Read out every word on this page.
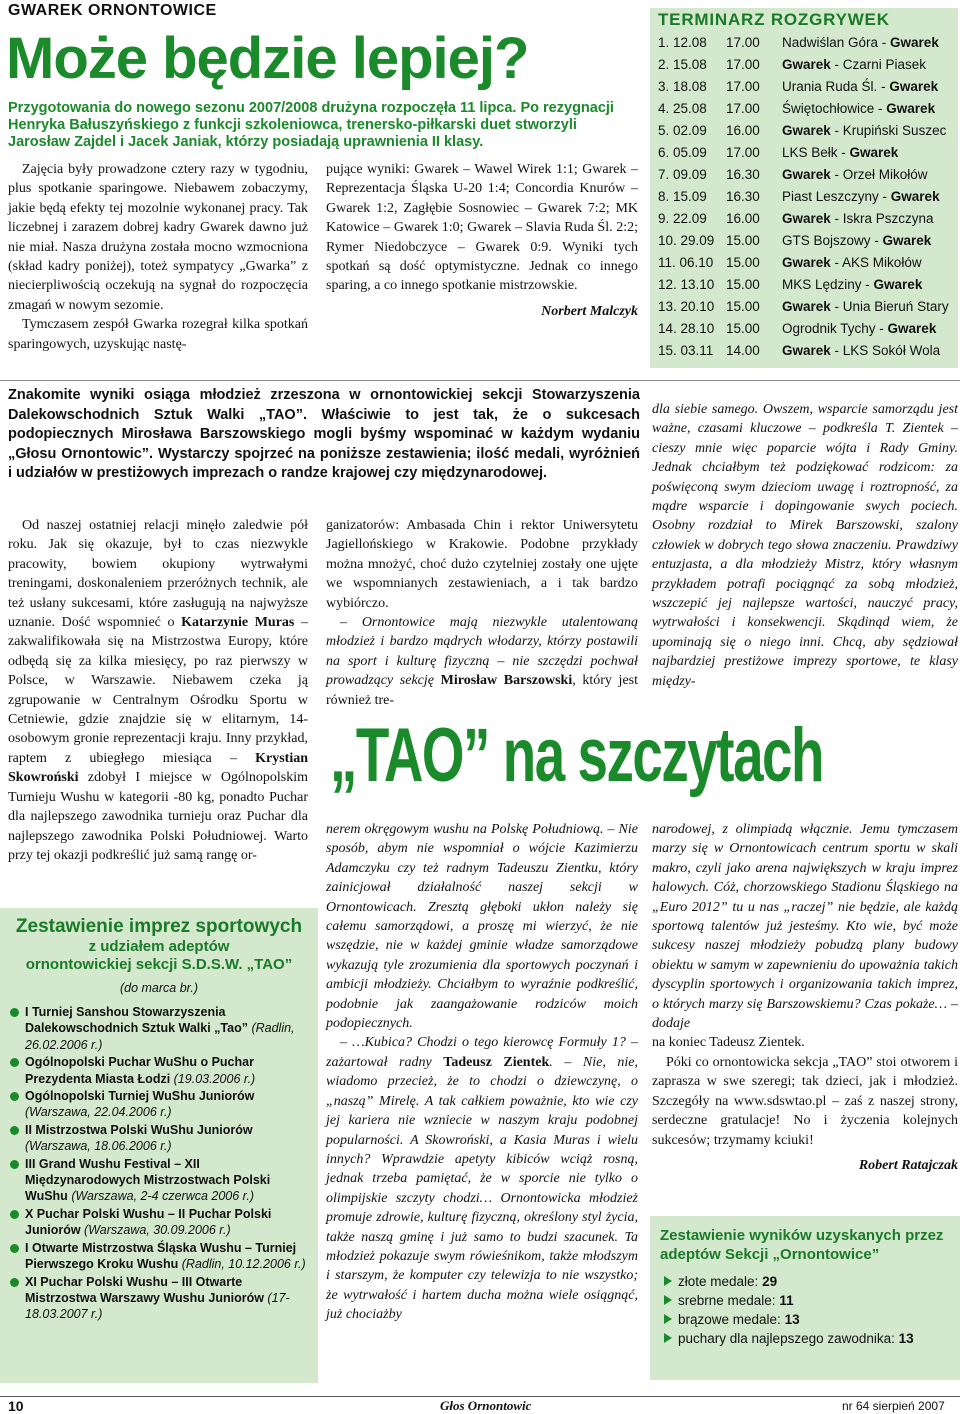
GWAREK ORNONTOWICE
Może będzie lepiej?
Przygotowania do nowego sezonu 2007/2008 drużyna rozpoczęła 11 lipca. Po rezygnacji Henryka Bałuszyńskiego z funkcji szkoleniowca, trenersko-piłkarski duet stworzyli Jarosław Zajdel i Jacek Janiak, którzy posiadają uprawnienia II klasy.

Zajęcia były prowadzone cztery razy w tygodniu, plus spotkanie sparingowe. Niebawem zobaczymy, jakie będą efekty tej mozolnie wykonanej pracy. Tak liczebnej i zarazem dobrej kadry Gwarek dawno już nie miał. Nasza drużyna została mocno wzmocniona (skład kadry poniżej), toteż sympatycy „Gwarka” z niecierpliwością oczekują na sygnał do rozpoczęcia zmagań w nowym sezomie.

Tymczasem zespół Gwarka rozegrał kilka spotkań sparingowych, uzyskując nastę-

pujące wyniki: Gwarek – Wawel Wirek 1:1; Gwarek – Reprezentacja Śląska U-20 1:4; Concordia Knurów – Gwarek 1:2, Zagłębie Sosnowiec – Gwarek 7:2; MK Katowice – Gwarek 1:0; Gwarek – Slavia Ruda Śl. 2:2; Rymer Niedobczyce – Gwarek 0:9. Wyniki tych spotkań są dość optymistyczne. Jednak co innego sparing, a co innego spotkanie mistrzowskie.

Norbert Malczyk

TERMINARZ ROZGRYWEK
1. 12.08	17.00	Nadwiślan Góra - Gwarek
2. 15.08	17.00	Gwarek - Czarni Piasek
3. 18.08	17.00	Urania Ruda Śl. - Gwarek
4. 25.08	17.00	Świętochłowice - Gwarek
5. 02.09	16.00	Gwarek - Krupiński Suszec
6. 05.09	17.00	LKS Bełk - Gwarek
7. 09.09	16.30	Gwarek - Orzeł Mikołów
8. 15.09	16.30	Piast Leszczyny - Gwarek
9. 22.09	16.00	Gwarek - Iskra Pszczyna
10. 29.09 15.00	GTS Bojszowy - Gwarek
11. 06.10 15.00	Gwarek - AKS Mikołów
12. 13.10 15.00	MKS Lędziny - Gwarek
13. 20.10 15.00	Gwarek - Unia Bieruń Stary
14. 28.10 15.00	Ogrodnik Tychy - Gwarek
15. 03.11 14.00	Gwarek - LKS Sokół Wola
Znakomite wyniki osiąga młodzież zrzeszona w ornontowickiej sekcji Stowarzyszenia Dalekowschodnich Sztuk Walki „TAO”. Właściwie to jest tak, że o sukcesach podopiecznych Mirosława Barszowskiego mogli byśmy wspominać w każdym wydaniu „Głosu Ornontowic”. Wystarczy spojrzeć na poniższe zestawienia; ilość medali, wyróżnień i udziałów w prestiżowych imprezach o randze krajowej czy międzynarodowej.

Od naszej ostatniej relacji minęło zaledwie pół roku. Jak się okazuje, był to czas niezwykle pracowity, bowiem okupiony wytrwałymi treningami, doskonaleniem przeróżnych technik, ale też usłany sukcesami, które zasługują na najwyższe uznanie. Dość wspomnieć o Katarzynie Muras – zakwalifikowała się na Mistrzostwa Europy, które odbędą się za kilka miesięcy, po raz pierwszy w Polsce, w Warszawie. Niebawem czeka ją zgrupowanie w Centralnym Ośrodku Sportu w Cetniewie, gdzie znajdzie się w elitarnym, 14-osobowym gronie reprezentacji kraju. Inny przykład, raptem z ubiegłego miesiąca – Krystian Skowroński zdobył I miejsce w Ogólnopolskim Turnieju Wushu w kategorii -80 kg, ponadto Puchar dla najlepszego zawodnika turnieju oraz Puchar dla najlepszego zawodnika Polski Południowej. Warto przy tej okazji podkreślić już samą rangę or-

ganizatorów: Ambasada Chin i rektor Uniwersytetu Jagiellońskiego w Krakowie. Podobne przykłady można mnożyć, choć dużo czytelniej zostały one ujęte we wspomnianych zestawieniach, a i tak bardzo wybiórczo.

– Ornontowice mają niezwykle utalentowaną młodzież i bardzo mądrych włodarzy, którzy postawili na sport i kulturę fizyczną – nie szczędzi pochwał prowadzący sekcję Mirosław Barszowski, który jest również tre-

dla siebie samego. Owszem, wsparcie samorządu jest ważne, czasami kluczowe – podkreśla T. Zientek – cieszy mnie więc poparcie wójta i Rady Gminy. Jednak chciałbym też podziękować rodzicom: za poświęconą swym dzieciom uwagę i roztropność, za mądre wsparcie i dopingowanie swych pociech. Osobny rozdział to Mirek Barszowski, szalony człowiek w dobrych tego słowa znaczeniu. Prawdziwy entuzjasta, a dla młodzieży Mistrz, który własnym przykładem potrafi pociągnąć za sobą młodzież, wszczepić jej najlepsze wartości, nauczyć pracy, wytrwałości i konsekwencji. Skądinąd wiem, że upominają się o niego inni. Chcą, aby sędziował najbardziej prestiżowe imprezy sportowe, te klasy między-

„TAO” na szczytach

nerem okręgowym wushu na Polskę Południową. – Nie sposób, abym nie wspomniał o wójcie Kazimierzu Adamczyku czy też radnym Tadeuszu Zientku, który zainicjował działalność naszej sekcji w Ornontowicach. Zresztą głęboki ukłon należy się całemu samorządowi, a proszę mi wierzyć, że nie wszędzie, nie w każdej gminie władze samorządowe wykazują tyle zrozumienia dla sportowych poczynań i ambicji młodzieży. Chciałbym to wyraźnie podkreślić, podobnie jak zaangażowanie rodziców moich podopiecznych.

– …Kubica? Chodzi o tego kierowcę Formuły 1? – zażartował radny Tadeusz Zientek. – Nie, nie, wiadomo przecież, że to chodzi o dziewczynę, o „naszą” Mirelę. A tak całkiem poważnie, kto wie czy jej kariera nie wzniecie w naszym kraju podobnej popularności. A Skowroński, a Kasia Muras i wielu innych? Wprawdzie apetyty kibiców wciąż rosną, jednak trzeba pamiętać, że w sporcie nie tylko o olimpijskie szczyty chodzi… Ornontowicka młodzież promuje zdrowie, kulturę fizyczną, określony styl życia, także naszą gminę i już samo to budzi szacunek. Ta młodzież pokazuje swym rówieśnikom, także młodszym i starszym, że komputer czy telewizja to nie wszystko; że wytrwałość i hartem ducha można wiele osiągnąć, już chociażby

narodowej, z olimpiadą włącznie. Jemu tymczasem marzy się w Ornontowicach centrum sportu w skali makro, czyli jako arena największych w kraju imprez halowych. Cóż, chorzowskiego Stadionu Śląskiego na „Euro 2012” tu u nas „raczej” nie będzie, ale każdą sportową talentów już jesteśmy. Kto wie, być może sukcesy naszej młodzieży pobudzą plany budowy obiektu w samym w zapewnieniu do upoważnia takich dyscyplin sportowych i organizowania takich imprez, o których marzy się Barszowskiemu? Czas pokaże… – dodaje

na koniec Tadeusz Zientek.

Póki co ornontowicka sekcja „TAO” stoi otworem i zaprasza w swe szeregi; tak dzieci, jak i młodzież. Szczegóły na www.sdswtao.pl – zaś z naszej strony, serdeczne gratulacje! No i życzenia kolejnych sukcesów; trzymamy kciuki!

Robert Ratajczak

Zestawienie imprez sportowych
z udziałem adeptów
ornontowickiej sekcji S.D.S.W. „TAO”
(do marca br.)
I Turniej Sanshou Stowarzyszenia Dalekowschodnich Sztuk Walki „Tao” (Radlin, 26.02.2006 r.)
Ogólnopolski Puchar WuShu o Puchar Prezydenta Miasta Łodzi (19.03.2006 r.)
Ogólnopolski Turniej WuShu Juniorów (Warszawa, 22.04.2006 r.)
II Mistrzostwa Polski WuShu Juniorów (Warszawa, 18.06.2006 r.)
III Grand Wushu Festival – XII Międzynarodowych Mistrzostwach Polski WuShu (Warszawa, 2-4 czerwca 2006 r.)
X Puchar Polski Wushu – II Puchar Polski Juniorów (Warszawa, 30.09.2006 r.)
I Otwarte Mistrzostwa Śląska Wushu – Turniej Pierwszego Kroku Wushu (Radlin, 10.12.2006 r.)
XI Puchar Polski Wushu – III Otwarte Mistrzostwa Warszawy Wushu Juniorów (17-18.03.2007 r.)
Zestawienie wyników uzyskanych przez adeptów Sekcji „Ornontowice”
złote medale: 29
srebrne medale: 11
brązowe medale: 13
puchary dla najlepszego zawodnika: 13
10	Głos Ornontowic	nr 64 sierpień 2007
